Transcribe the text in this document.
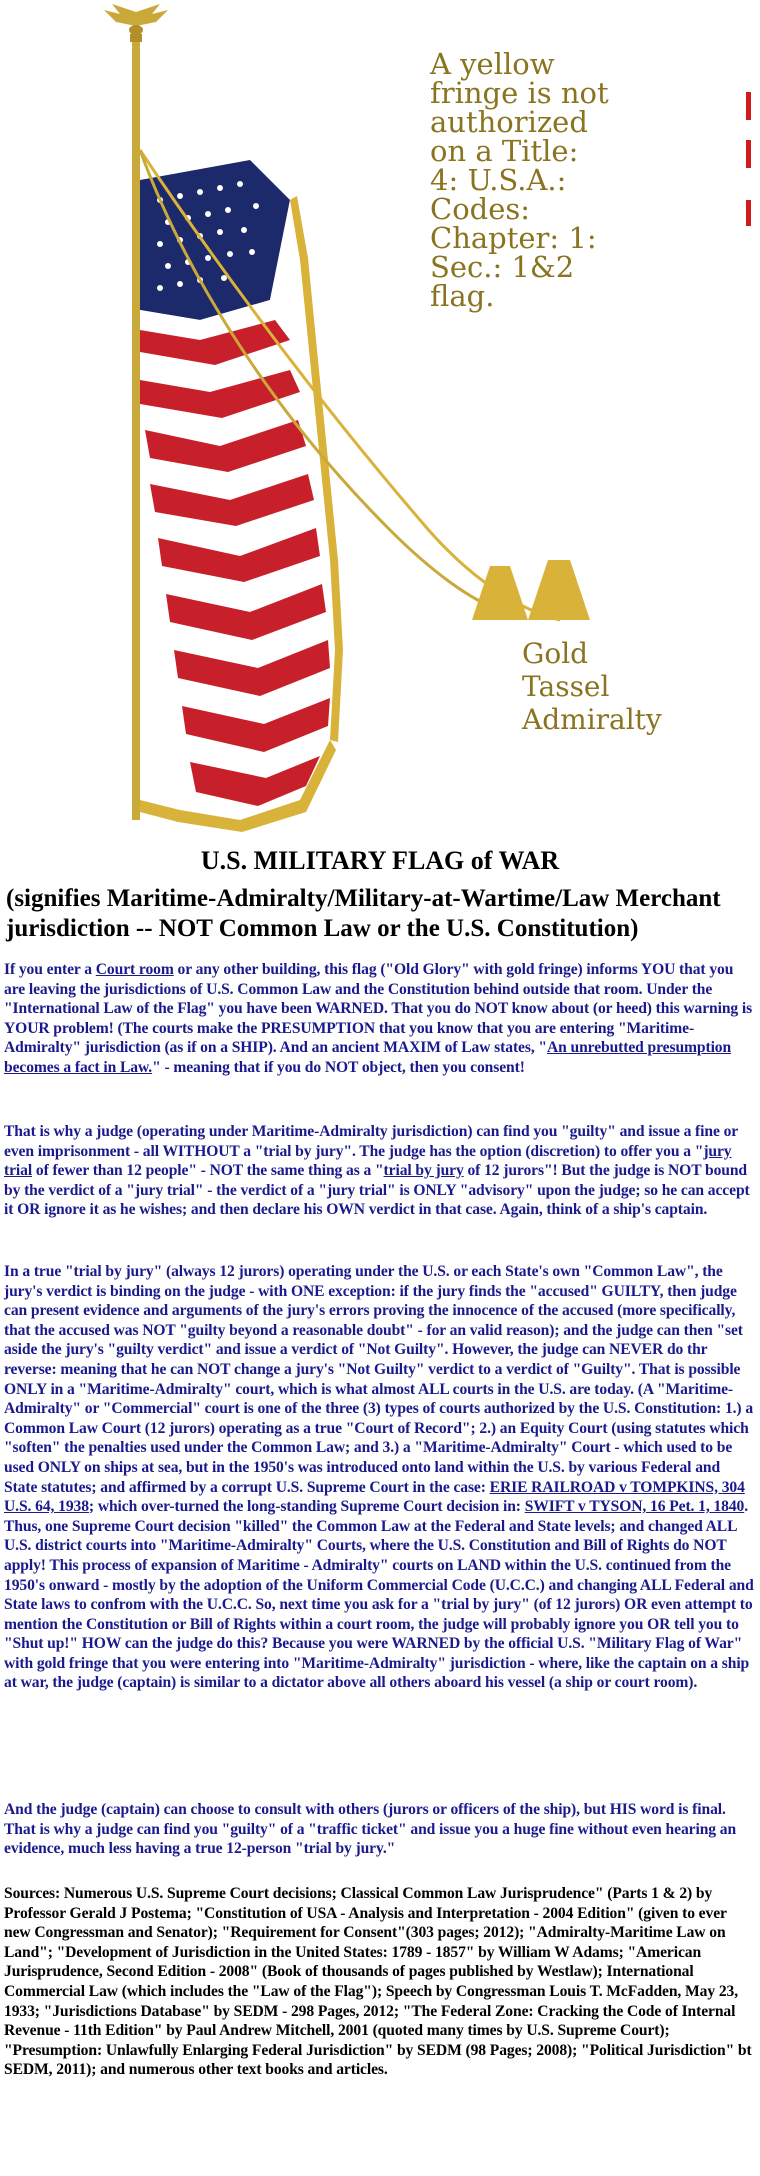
A yellow
fringe is not
authorized
on a Title:
4: U.S.A.:
Codes:
Chapter: 1:
Sec.: 1&2
flag.
Gold
Tassel
Admiralty
U.S. MILITARY FLAG of WAR
(signifies Maritime-Admiralty/Military-at-Wartime/Law Merchant jurisdiction -- NOT Common Law or the U.S. Constitution)
If you enter a Court room or any other building, this flag ("Old Glory" with gold fringe) informs YOU that you are leaving the jurisdictions of U.S. Common Law and the Constitution behind outside that room. Under the "International Law of the Flag" you have been WARNED. That you do NOT know about (or heed) this warning is YOUR problem! (The courts make the PRESUMPTION that you know that you are entering "Maritime-Admiralty" jurisdiction (as if on a SHIP). And an ancient MAXIM of Law states, "An unrebutted presumption becomes a fact in Law." - meaning that if you do NOT object, then you consent!
That is why a judge (operating under Maritime-Admiralty jurisdiction) can find you "guilty" and issue a fine or even imprisonment - all WITHOUT a "trial by jury". The judge has the option (discretion) to offer you a "jury trial of fewer than 12 people" - NOT the same thing as a "trial by jury of 12 jurors"! But the judge is NOT bound by the verdict of a "jury trial" - the verdict of a "jury trial" is ONLY "advisory" upon the judge; so he can accept it OR ignore it as he wishes; and then declare his OWN verdict in that case. Again, think of a ship's captain.
In a true "trial by jury" (always 12 jurors) operating under the U.S. or each State's own "Common Law", the jury's verdict is binding on the judge - with ONE exception: if the jury finds the "accused" GUILTY, then judge can present evidence and arguments of the jury's errors proving the innocence of the accused (more specifically, that the accused was NOT "guilty beyond a reasonable doubt" - for an valid reason); and the judge can then "set aside the jury's "guilty verdict" and issue a verdict of "Not Guilty". However, the judge can NEVER do thr reverse: meaning that he can NOT change a jury's "Not Guilty" verdict to a verdict of "Guilty". That is possible ONLY in a "Maritime-Admiralty" court, which is what almost ALL courts in the U.S. are today. (A "Maritime-Admiralty" or "Commercial" court is one of the three (3) types of courts authorized by the U.S. Constitution: 1.) a Common Law Court (12 jurors) operating as a true "Court of Record"; 2.) an Equity Court (using statutes which "soften" the penalties used under the Common Law; and 3.) a "Maritime-Admiralty" Court - which used to be used ONLY on ships at sea, but in the 1950's was introduced onto land within the U.S. by various Federal and State statutes; and affirmed by a corrupt U.S. Supreme Court in the case: ERIE RAILROAD v TOMPKINS, 304 U.S. 64, 1938; which over-turned the long-standing Supreme Court decision in: SWIFT v TYSON, 16 Pet. 1, 1840. Thus, one Supreme Court decision "killed" the Common Law at the Federal and State levels; and changed ALL U.S. district courts into "Maritime-Admiralty" Courts, where the U.S. Constitution and Bill of Rights do NOT apply! This process of expansion of Maritime - Admiralty" courts on LAND within the U.S. continued from the 1950's onward - mostly by the adoption of the Uniform Commercial Code (U.C.C.) and changing ALL Federal and State laws to confrom with the U.C.C. So, next time you ask for a "trial by jury" (of 12 jurors) OR even attempt to mention the Constitution or Bill of Rights within a court room, the judge will probably ignore you OR tell you to "Shut up!" HOW can the judge do this? Because you were WARNED by the official U.S. "Military Flag of War" with gold fringe that you were entering into "Maritime-Admiralty" jurisdiction - where, like the captain on a ship at war, the judge (captain) is similar to a dictator above all others aboard his vessel (a ship or court room).
And the judge (captain) can choose to consult with others (jurors or officers of the ship), but HIS word is final. That is why a judge can find you "guilty" of a "traffic ticket" and issue you a huge fine without even hearing an evidence, much less having a true 12-person "trial by jury."
Sources: Numerous U.S. Supreme Court decisions; Classical Common Law Jurisprudence" (Parts 1 & 2) by Professor Gerald J Postema; "Constitution of USA - Analysis and Interpretation - 2004 Edition" (given to ever new Congressman and Senator); "Requirement for Consent"(303 pages; 2012); "Admiralty-Maritime Law on Land"; "Development of Jurisdiction in the United States: 1789 - 1857" by William W Adams; "American Jurisprudence, Second Edition - 2008" (Book of thousands of pages published by Westlaw); International Commercial Law (which includes the "Law of the Flag"); Speech by Congressman Louis T. McFadden, May 23, 1933; "Jurisdictions Database" by SEDM - 298 Pages, 2012; "The Federal Zone: Cracking the Code of Internal Revenue - 11th Edition" by Paul Andrew Mitchell, 2001 (quoted many times by U.S. Supreme Court); "Presumption: Unlawfully Enlarging Federal Jurisdiction" by SEDM (98 Pages; 2008); "Political Jurisdiction" bt SEDM, 2011); and numerous other text books and articles.
